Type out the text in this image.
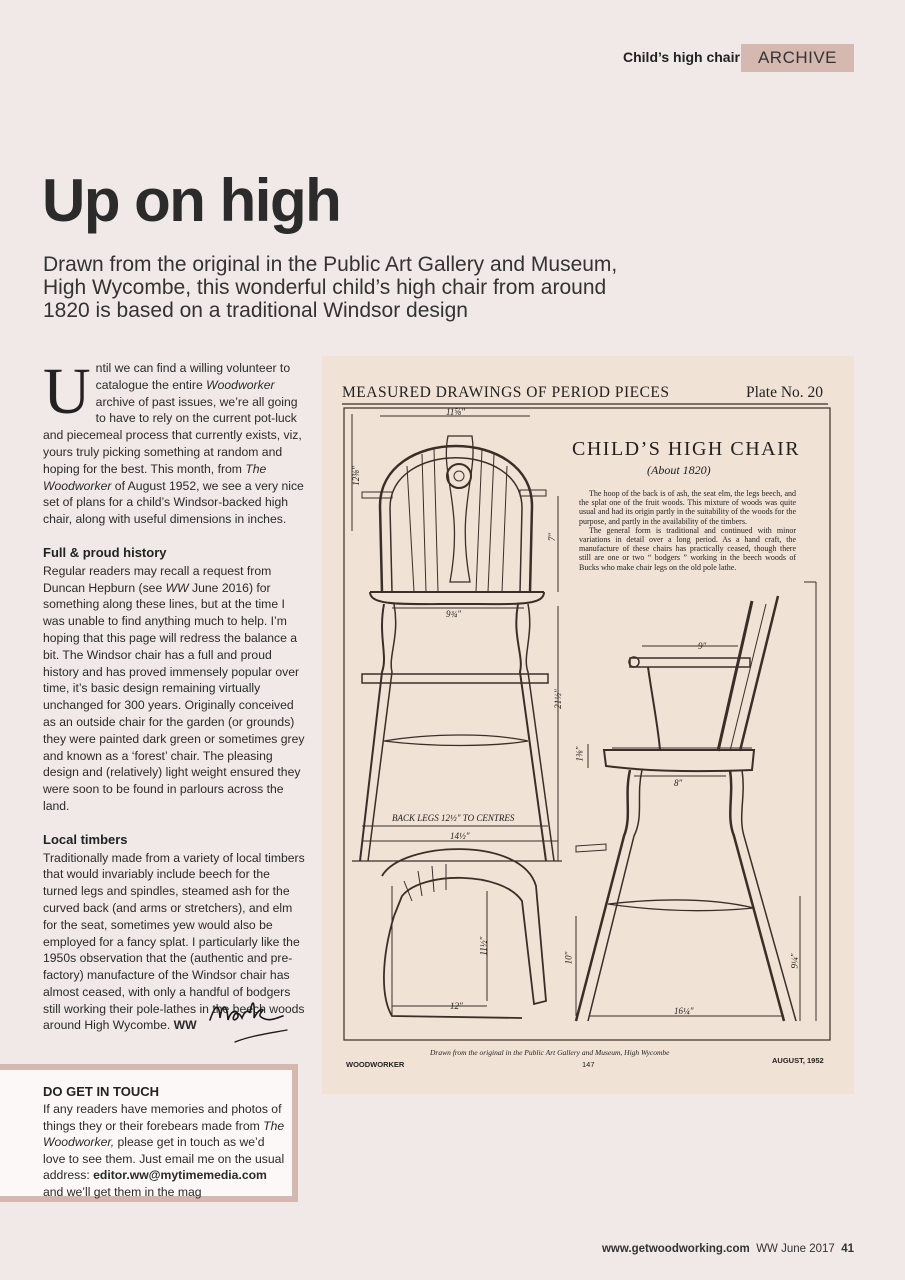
Child’s high chair	ARCHIVE
Up on high

Drawn from the original in the Public Art Gallery and Museum, High Wycombe, this wonderful child’s high chair from around 1820 is based on a traditional Windsor design

Until we can find a willing volunteer to catalogue the entire Woodworker archive of past issues, we’re all going to have to rely on the current pot-luck and piecemeal process that currently exists, viz, yours truly picking something at random and hoping for the best. This month, from The Woodworker of August 1952, we see a very nice set of plans for a child’s Windsor-backed high chair, along with useful dimensions in inches.

Full & proud history

Regular readers may recall a request from Duncan Hepburn (see WW June 2016) for something along these lines, but at the time I was unable to find anything much to help. I’m hoping that this page will redress the balance a bit. The Windsor chair has a full and proud history and has proved immensely popular over time, it’s basic design remaining virtually unchanged for 300 years. Originally conceived as an outside chair for the garden (or grounds) they were painted dark green or sometimes grey and known as a ‘forest’ chair. The pleasing design and (relatively) light weight ensured they were soon to be found in parlours across the land.

Local timbers

Traditionally made from a variety of local timbers that would invariably include beech for the turned legs and spindles, steamed ash for the curved back (and arms or stretchers), and elm for the seat, sometimes yew would also be employed for a fancy splat. I particularly like the 1950s observation that the (authentic and pre-factory) manufacture of the Windsor chair has almost ceased, with only a handful of bodgers still working their pole-lathes in the beech woods around High Wycombe. WW

DO GET IN TOUCH

If any readers have memories and photos of things they or their forebears made from The Woodworker, please get in touch as we’d love to see them. Just email me on the usual address: editor.ww@mytimemedia.com and we’ll get them in the mag

MEASURED DRAWINGS OF PERIOD PIECES	Plate No. 20
CHILD’S HIGH CHAIR
(About 1820)

The hoop of the back is of ash, the seat elm, the legs beech, and the splat one of the fruit woods. This mixture of woods was quite usual and had its origin partly in the suitability of the woods for the purpose, and partly in the availability of the timbers.

The general form is traditional and continued with minor variations in detail over a long period. As a hand craft, the manufacture of these chairs has practically ceased, though there still are one or two “ bodgers ” working in the beech woods of Bucks who make chair legs on the old pole lathe.

11⅝"
12⅜"
7"
9¾"
21½"
BACK LEGS 12½" TO CENTRES
14½"
11½"
12"
9"
1⅜"
8"
10"	9¼"
16¼"
Drawn from the original in the Public Art Gallery and Museum, High Wycombe
WOODWORKER	147	AUGUST, 1952
www.getwoodworking.com WW June 2017 41
